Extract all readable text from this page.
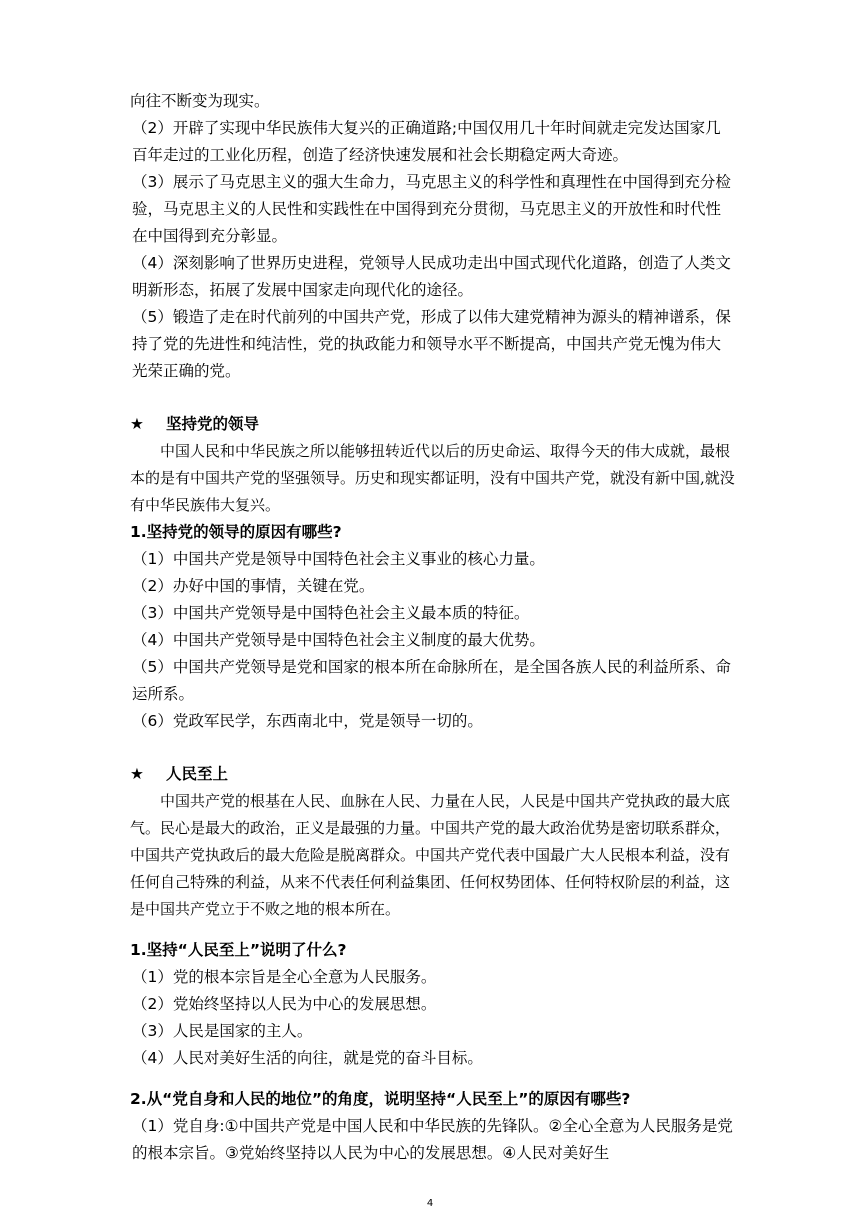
向往不断变为现实。

（2）开辟了实现中华民族伟大复兴的正确道路;中国仅用几十年时间就走完发达国家几百年走过的工业化历程，创造了经济快速发展和社会长期稳定两大奇迹。

（3）展示了马克思主义的强大生命力，马克思主义的科学性和真理性在中国得到充分检验，马克思主义的人民性和实践性在中国得到充分贯彻，马克思主义的开放性和时代性在中国得到充分彰显。

（4）深刻影响了世界历史进程，党领导人民成功走出中国式现代化道路，创造了人类文明新形态，拓展了发展中国家走向现代化的途径。

（5）锻造了走在时代前列的中国共产党，形成了以伟大建党精神为源头的精神谱系，保持了党的先进性和纯洁性，党的执政能力和领导水平不断提高，中国共产党无愧为伟大光荣正确的党。

★ 坚持党的领导

中国人民和中华民族之所以能够扭转近代以后的历史命运、取得今天的伟大成就，最根本的是有中国共产党的坚强领导。历史和现实都证明，没有中国共产党，就没有新中国,就没有中华民族伟大复兴。

1.坚持党的领导的原因有哪些?

（1）中国共产党是领导中国特色社会主义事业的核心力量。

（2）办好中国的事情，关键在党。

（3）中国共产党领导是中国特色社会主义最本质的特征。

（4）中国共产党领导是中国特色社会主义制度的最大优势。

（5）中国共产党领导是党和国家的根本所在命脉所在，是全国各族人民的利益所系、命运所系。

（6）党政军民学，东西南北中，党是领导一切的。

★ 人民至上

中国共产党的根基在人民、血脉在人民、力量在人民，人民是中国共产党执政的最大底气。民心是最大的政治，正义是最强的力量。中国共产党的最大政治优势是密切联系群众，中国共产党执政后的最大危险是脱离群众。中国共产党代表中国最广大人民根本利益，没有任何自己特殊的利益，从来不代表任何利益集团、任何权势团体、任何特权阶层的利益，这是中国共产党立于不败之地的根本所在。

1.坚持“人民至上”说明了什么?

（1）党的根本宗旨是全心全意为人民服务。

（2）党始终坚持以人民为中心的发展思想。

（3）人民是国家的主人。

（4）人民对美好生活的向往，就是党的奋斗目标。

2.从“党自身和人民的地位”的角度，说明坚持“人民至上”的原因有哪些?

（1）党自身:①中国共产党是中国人民和中华民族的先锋队。②全心全意为人民服务是党的根本宗旨。③党始终坚持以人民为中心的发展思想。④人民对美好生

4
